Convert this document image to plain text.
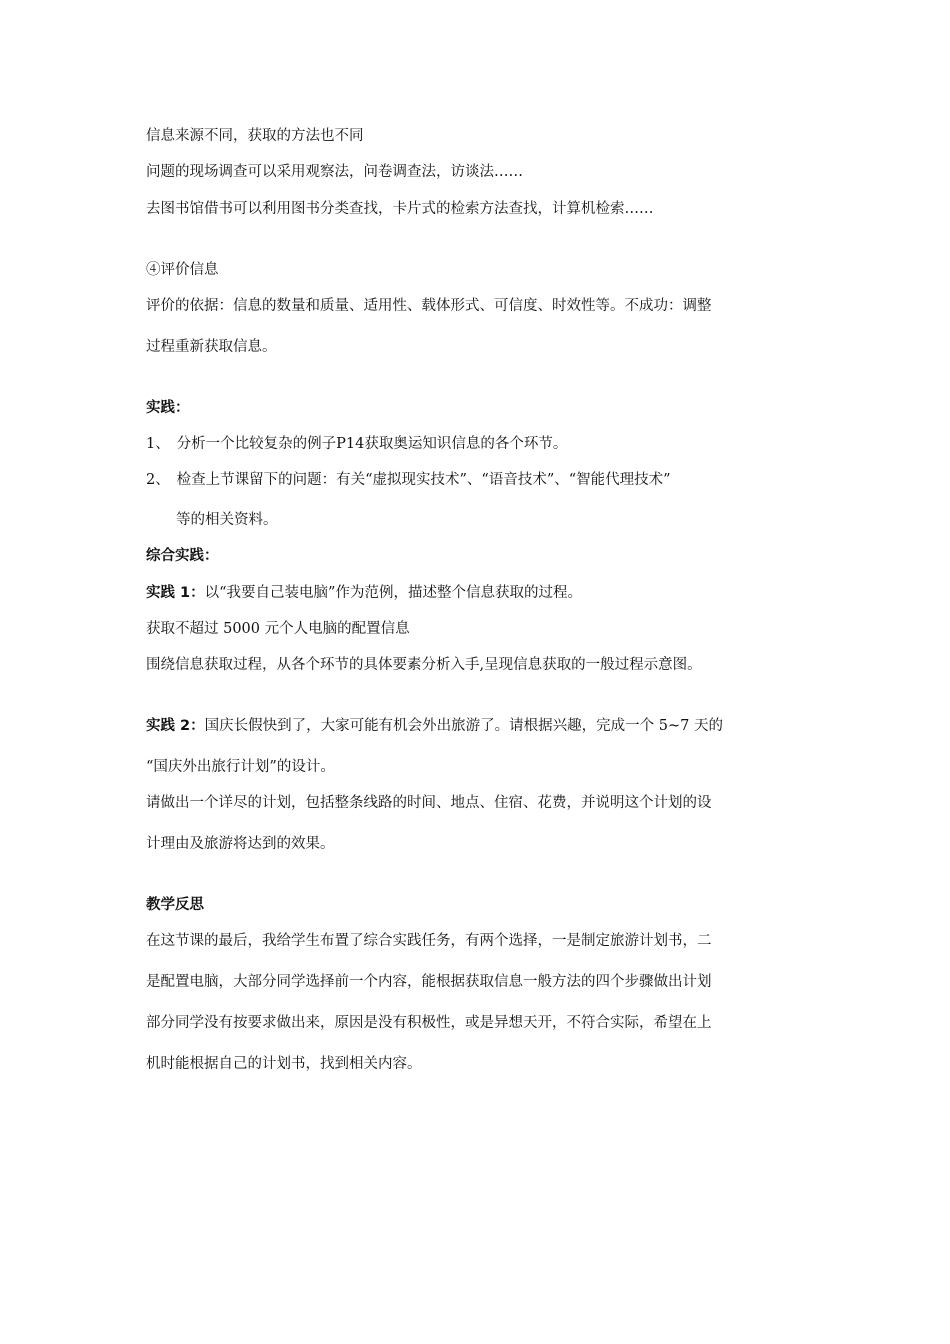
信息来源不同，获取的方法也不同
问题的现场调查可以采用观察法，问卷调查法，访谈法……
去图书馆借书可以利用图书分类查找，卡片式的检索方法查找，计算机检索……
④评价信息
评价的依据：信息的数量和质量、适用性、载体形式、可信度、时效性等。不成功：调整
过程重新获取信息。
实践：
1、 分析一个比较复杂的例子P14获取奥运知识信息的各个环节。
2、 检查上节课留下的问题：有关“虚拟现实技术”、“语音技术”、“智能代理技术”
等的相关资料。
综合实践：
实践 1：以“我要自己装电脑”作为范例，描述整个信息获取的过程。
获取不超过 5000 元个人电脑的配置信息
围绕信息获取过程，从各个环节的具体要素分析入手,呈现信息获取的一般过程示意图。
实践 2：国庆长假快到了，大家可能有机会外出旅游了。请根据兴趣，完成一个 5~7 天的
“国庆外出旅行计划”的设计。
请做出一个详尽的计划，包括整条线路的时间、地点、住宿、花费，并说明这个计划的设
计理由及旅游将达到的效果。
教学反思
在这节课的最后，我给学生布置了综合实践任务，有两个选择，一是制定旅游计划书，二
是配置电脑，大部分同学选择前一个内容，能根据获取信息一般方法的四个步骤做出计划
部分同学没有按要求做出来，原因是没有积极性，或是异想天开，不符合实际，希望在上
机时能根据自己的计划书，找到相关内容。
